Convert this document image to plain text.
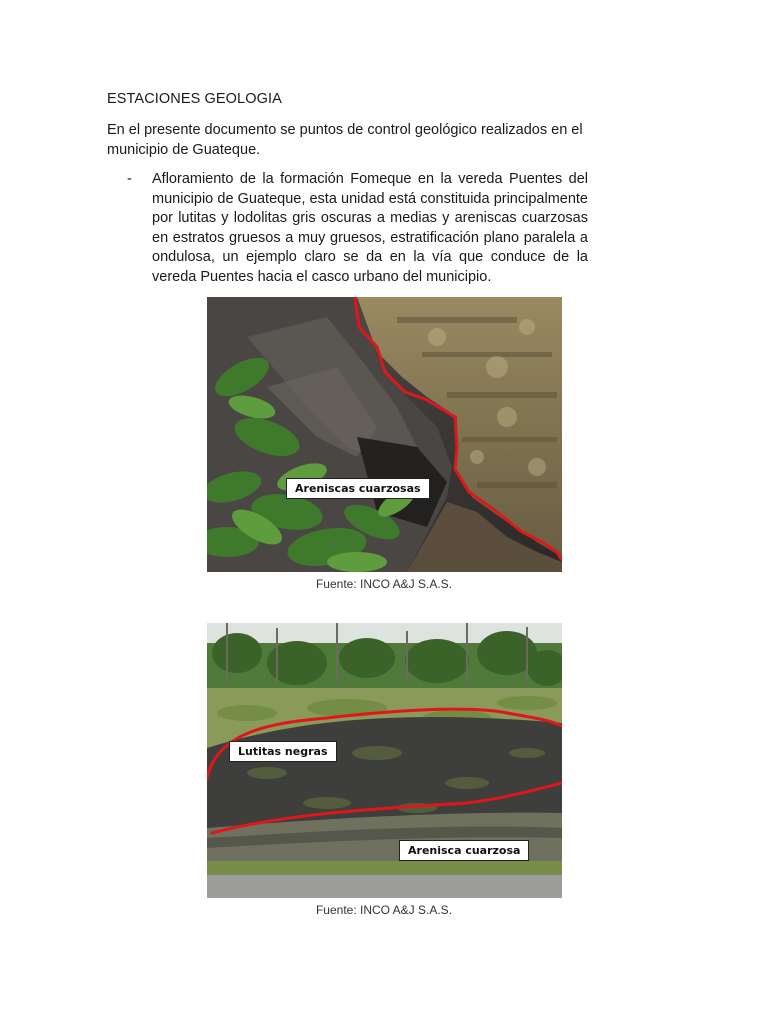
ESTACIONES GEOLOGIA
En el presente documento se puntos de control geológico realizados en el municipio de Guateque.
- Afloramiento de la formación Fomeque en la vereda Puentes del municipio de Guateque, esta unidad está constituida principalmente por lutitas y lodolitas gris oscuras a medias y areniscas cuarzosas en estratos gruesos a muy gruesos, estratificación plano paralela a ondulosa, un ejemplo claro se da en la vía que conduce de la vereda Puentes hacia el casco urbano del municipio.
Areniscas cuarzosas
Fuente: INCO A&J S.A.S.
Lutitas negras
Arenisca cuarzosa
Fuente: INCO A&J S.A.S.
